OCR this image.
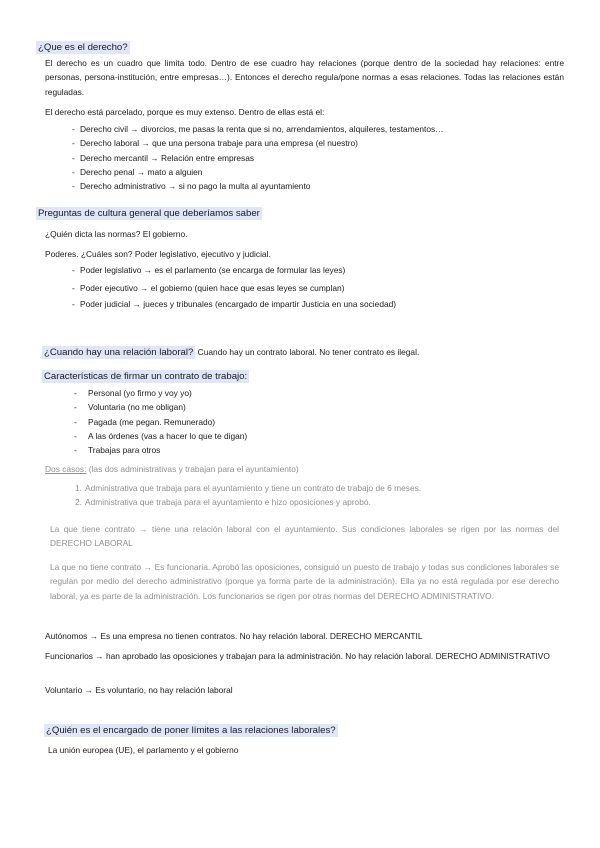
¿Que es el derecho?
El derecho es un cuadro que limita todo. Dentro de ese cuadro hay relaciones (porque dentro de la sociedad hay relaciones: entre personas, persona-institución, entre empresas…). Entonces el derecho regula/pone normas a esas relaciones. Todas las relaciones están reguladas.
El derecho está parcelado, porque es muy extenso. Dentro de ellas está el:
- Derecho civil → divorcios, me pasas la renta que si no, arrendamientos, alquileres, testamentos…
- Derecho laboral → que una persona trabaje para una empresa (el nuestro)
- Derecho mercantil → Relación entre empresas
- Derecho penal → mato a alguien
- Derecho administrativo → si no pago la multa al ayuntamiento
Preguntas de cultura general que deberíamos saber
¿Quién dicta las normas? El gobierno.
Poderes. ¿Cuáles son? Poder legislativo, ejecutivo y judicial.
- Poder legislativo → es el parlamento (se encarga de formular las leyes)
- Poder ejecutivo → el gobierno (quien hace que esas leyes se cumplan)
- Poder judicial → jueces y tribunales (encargado de impartir Justicia en una sociedad)
¿Cuando hay una relación laboral? Cuando hay un contrato laboral. No tener contrato es ilegal.
Características de firmar un contrato de trabajo:
- Personal (yo firmo y voy yo)
- Voluntaria (no me obligan)
- Pagada (me pegan. Remunerado)
- A las órdenes (vas a hacer lo que te digan)
- Trabajas para otros
Dos casos: (las dos administrativas y trabajan para el ayuntamiento)
1. Administrativa que trabaja para el ayuntamiento y tiene un contrato de trabajo de 6 meses.
2. Administrativa que trabaja para el ayuntamiento e hizo oposiciones y aprobó.
La que tiene contrato → tiene una relación laboral con el ayuntamiento. Sus condiciones laborales se rigen por las normas del DERECHO LABORAL
La que no tiene contrato → Es funcionaria. Aprobó las oposiciones, consiguió un puesto de trabajo y todas sus condiciones laborales se regulan por medio del derecho administrativo (porque ya forma parte de la administración). Ella ya no está regulada por ese derecho laboral, ya es parte de la administración. Los funcionarios se rigen por otras normas del DERECHO ADMINISTRATIVO.
Autónomos → Es una empresa no tienen contratos. No hay relación laboral. DERECHO MERCANTIL
Funcionarios → han aprobado las oposiciones y trabajan para la administración. No hay relación laboral. DERECHO ADMINISTRATIVO
Voluntario → Es voluntario, no hay relación laboral
¿Quién es el encargado de poner límites a las relaciones laborales?
La unión europea (UE), el parlamento y el gobierno
